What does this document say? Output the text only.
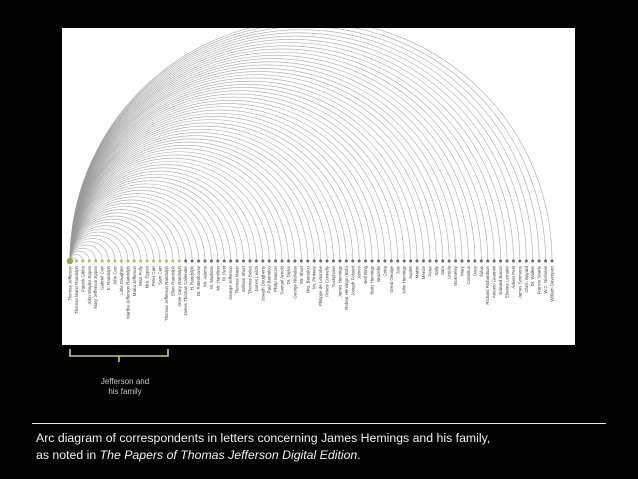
Thomas Jefferson Thomas Mann Randolph Patrick Gibbs John Wayles Eppes Mary Jefferson Eppes Gabriel Corr E. Randolph John Corr Little Daughter Martha Jefferson Randolph Maria Jefferson Miss Polly Mrs. Eppes Peter Carr Sam Carr Thomas Jefferson Randolph Ellen Randolph Anne Cary Randolph James Thomas Callender H. Randolph Dr. Rittenhouse Mr. Adams M. Madison Mr. Hamilton M. Petit George Jefferson Thomas Mann William Short Thomas Boles James Leitch Joseph Dougherty Paul Bentalou Philip Mazzei Samuel Arnold Dr. Taylor George Nicholas Mr. Short Mrs. Bentalou Mr. Pinkney Philippe de Letombe Prince Connelly Tuckyhone James Hemings Robert Hemings (Bob) Joseph Fossett James Bell Ring Betty Hemings Brazelle Critta Great George Joie John Hemings Jupiter Martin Mercie Peter Sally Sam Ursula Wormeley Mary Cornelius Davy Sukie Richard Richardson Antonio Giannini Edward Bacon Etienne Lemaire Adrien Petit James Simmons Chris. Bayard Dr. Walker Francis Searle W.C. Nicholas William Davenport
Jefferson and
his family
Arc diagram of correspondents in letters concerning James Hemings and his family,
as noted in The Papers of Thomas Jefferson Digital Edition.
